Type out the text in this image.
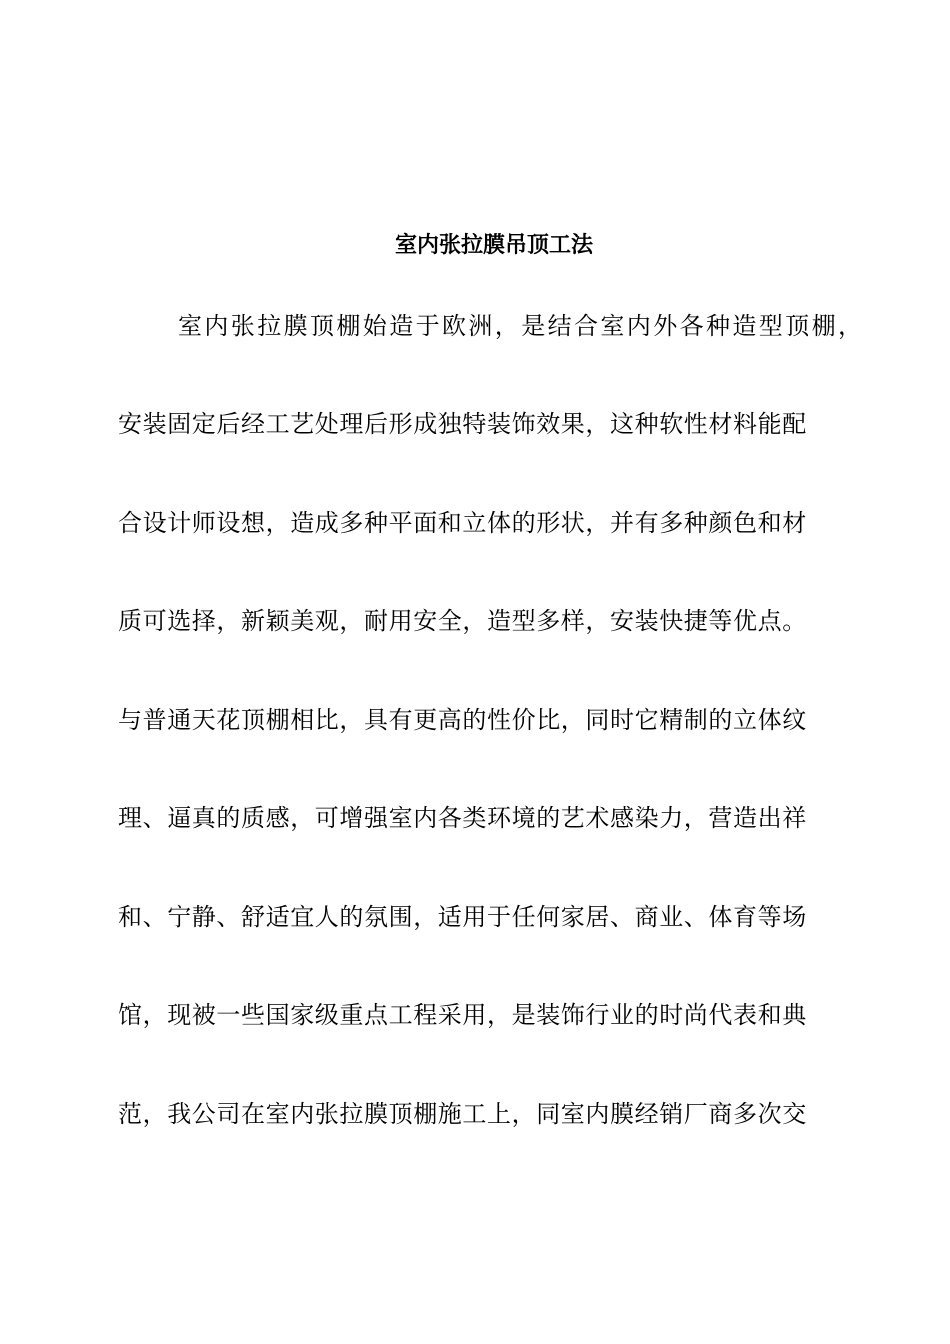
室内张拉膜吊顶工法
室内张拉膜顶棚始造于欧洲，是结合室内外各种造型顶棚，
安装固定后经工艺处理后形成独特装饰效果，这种软性材料能配
合设计师设想，造成多种平面和立体的形状，并有多种颜色和材
质可选择，新颖美观，耐用安全，造型多样，安装快捷等优点。
与普通天花顶棚相比，具有更高的性价比，同时它精制的立体纹
理、逼真的质感，可增强室内各类环境的艺术感染力，营造出祥
和、宁静、舒适宜人的氛围，适用于任何家居、商业、体育等场
馆，现被一些国家级重点工程采用，是装饰行业的时尚代表和典
范，我公司在室内张拉膜顶棚施工上，同室内膜经销厂商多次交
